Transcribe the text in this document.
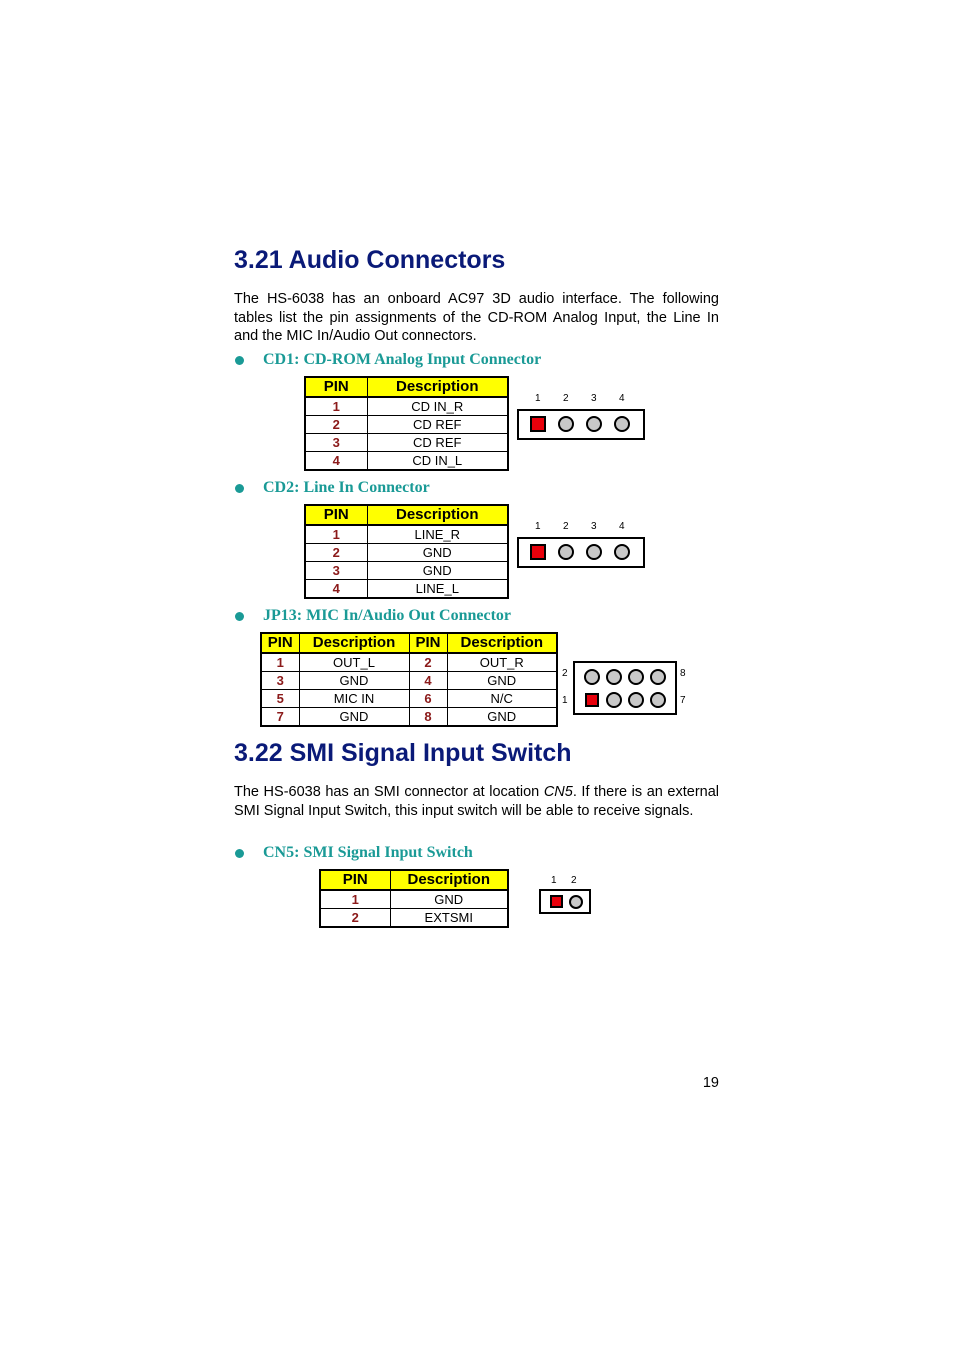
3.21 Audio Connectors

The HS-6038 has an onboard AC97 3D audio interface. The following tables list the pin assignments of the CD-ROM Analog Input, the Line In and the MIC In/Audio Out connectors.

CD1: CD-ROM Analog Input Connector
PIN	Description
1	CD IN_R
2	CD REF
3	CD REF
4	CD IN_L
1 2 3 4
CD2: Line In Connector
PIN	Description
1	LINE_R
2	GND
3	GND
4	LINE_L
1 2 3 4
JP13: MIC In/Audio Out Connector
PIN	Description	PIN	Description
1	OUT_L	2	OUT_R
3	GND	4	GND
5	MIC IN	6	N/C
7	GND	8	GND
2
1
8
7
3.22 SMI Signal Input Switch

The HS-6038 has an SMI connector at location CN5. If there is an external SMI Signal Input Switch, this input switch will be able to receive signals.

CN5: SMI Signal Input Switch
PIN	Description
1	GND
2	EXTSMI
1 2
19
